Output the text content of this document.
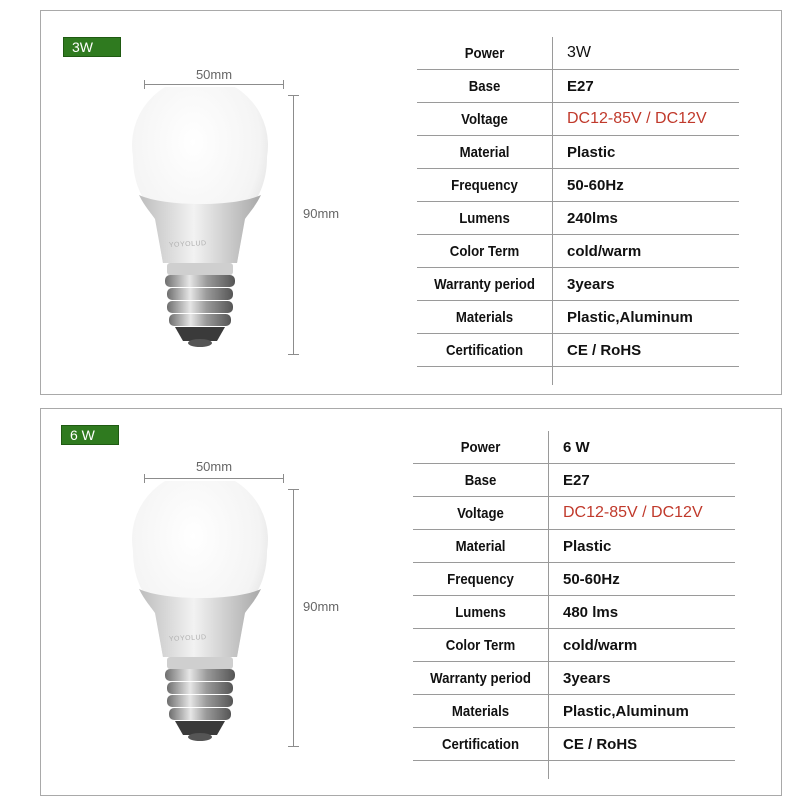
3W
50mm
90mm
YOYOLUD
Power	3W
Base	E27
Voltage	DC12-85V / DC12V
Material	Plastic
Frequency	50-60Hz
Lumens	240lms
Color Term	cold/warm
Warranty period	3years
Materials	Plastic,Aluminum
Certification	CE / RoHS

6 W
50mm
90mm
YOYOLUD
Power	6 W
Base	E27
Voltage	DC12-85V / DC12V
Material	Plastic
Frequency	50-60Hz
Lumens	480 lms
Color Term	cold/warm
Warranty period	3years
Materials	Plastic,Aluminum
Certification	CE / RoHS
